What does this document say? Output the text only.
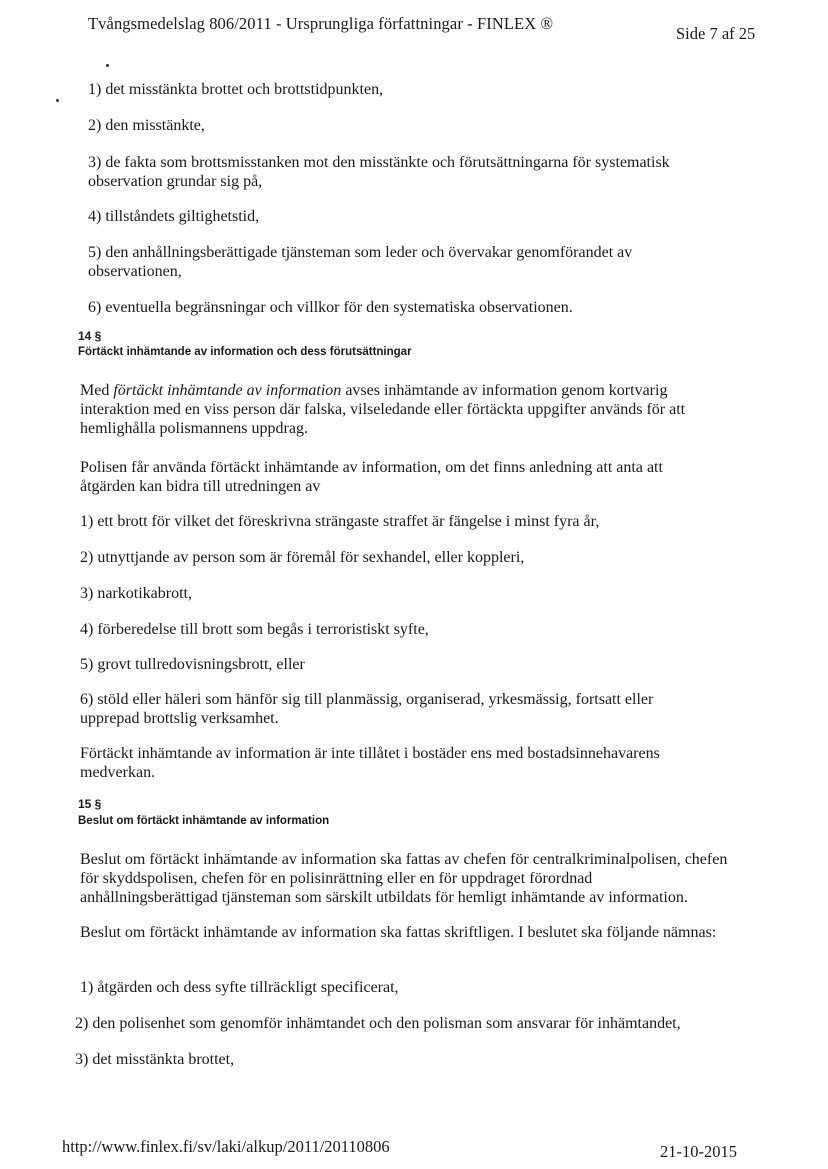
Tvångsmedelslag 806/2011 - Ursprungliga författningar - FINLEX ®
Side 7 af 25
1) det misstänkta brottet och brottstidpunkten,
2) den misstänkte,
3) de fakta som brottsmisstanken mot den misstänkte och förutsättningarna för systematisk observation grundar sig på,
4) tillståndets giltighetstid,
5) den anhållningsberättigade tjänsteman som leder och övervakar genomförandet av observationen,
6) eventuella begränsningar och villkor för den systematiska observationen.
14 §
Förtäckt inhämtande av information och dess förutsättningar
Med förtäckt inhämtande av information avses inhämtande av information genom kortvarig interaktion med en viss person där falska, vilseledande eller förtäckta uppgifter används för att hemlighålla polismannens uppdrag.
Polisen får använda förtäckt inhämtande av information, om det finns anledning att anta att åtgärden kan bidra till utredningen av
1) ett brott för vilket det föreskrivna strängaste straffet är fängelse i minst fyra år,
2) utnyttjande av person som är föremål för sexhandel, eller koppleri,
3) narkotikabrott,
4) förberedelse till brott som begås i terroristiskt syfte,
5) grovt tullredovisningsbrott, eller
6) stöld eller häleri som hänför sig till planmässig, organiserad, yrkesmässig, fortsatt eller upprepad brottslig verksamhet.
Förtäckt inhämtande av information är inte tillåtet i bostäder ens med bostadsinnehavarens medverkan.
15 §
Beslut om förtäckt inhämtande av information
Beslut om förtäckt inhämtande av information ska fattas av chefen för centralkriminalpolisen, chefen för skyddspolisen, chefen för en polisinrättning eller en för uppdraget förordnad anhållningsberättigad tjänsteman som särskilt utbildats för hemligt inhämtande av information.
Beslut om förtäckt inhämtande av information ska fattas skriftligen. I beslutet ska följande nämnas:
1) åtgärden och dess syfte tillräckligt specificerat,
2) den polisenhet som genomför inhämtandet och den polisman som ansvarar för inhämtandet,
3) det misstänkta brottet,
http://www.finlex.fi/sv/laki/alkup/2011/20110806	21-10-2015
